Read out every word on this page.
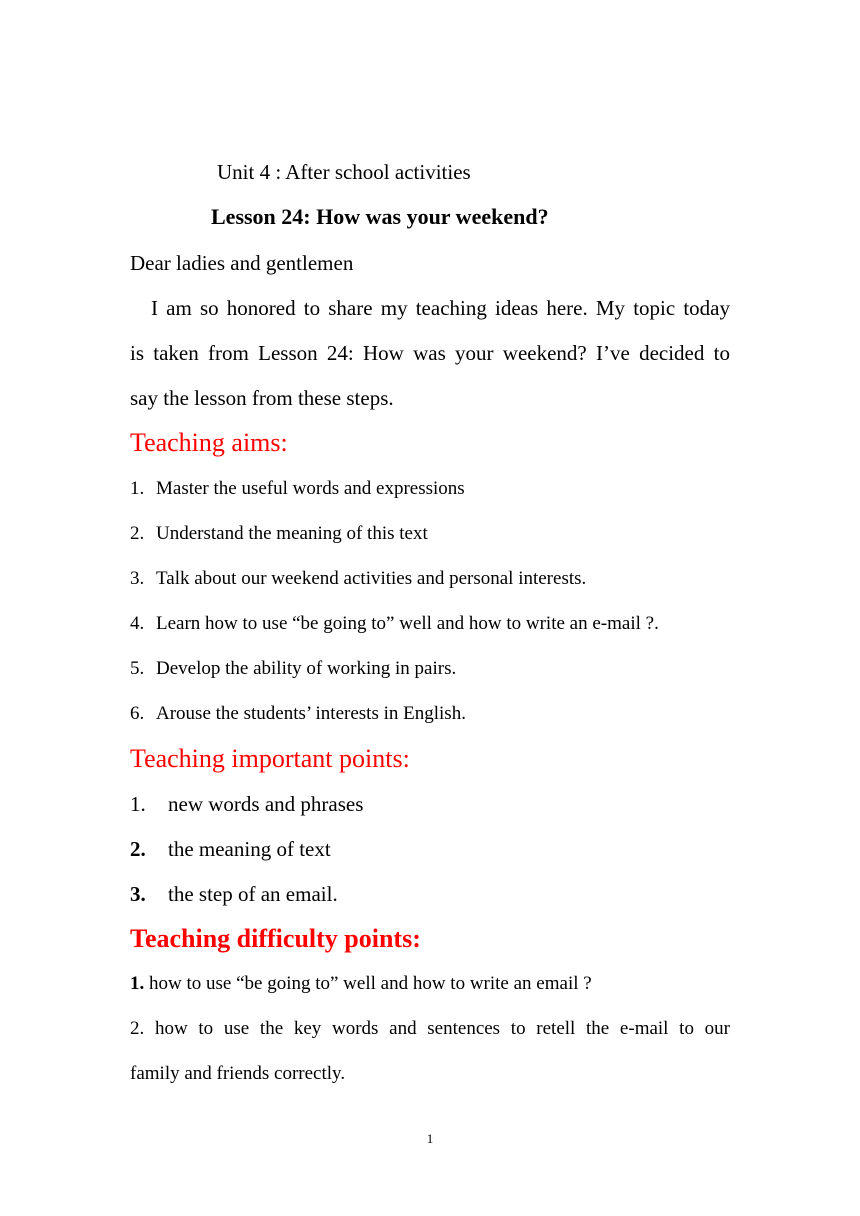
Unit 4 : After school activities
Lesson 24: How was your weekend?
Dear ladies and gentlemen
I am so honored to share my teaching ideas here. My topic today
is taken from Lesson 24: How was your weekend? I’ve decided to
say the lesson from these steps.
Teaching aims:
1. Master the useful words and expressions
2. Understand the meaning of this text
3. Talk about our weekend activities and personal interests.
4. Learn how to use “be going to” well and how to write an e-mail ?.
5. Develop the ability of working in pairs.
6. Arouse the students’ interests in English.
Teaching important points:
1. new words and phrases
2. the meaning of text
3. the step of an email.
Teaching difficulty points:
1. how to use “be going to” well and how to write an email ?
2. how to use the key words and sentences to retell the e-mail to our
family and friends correctly.
1
